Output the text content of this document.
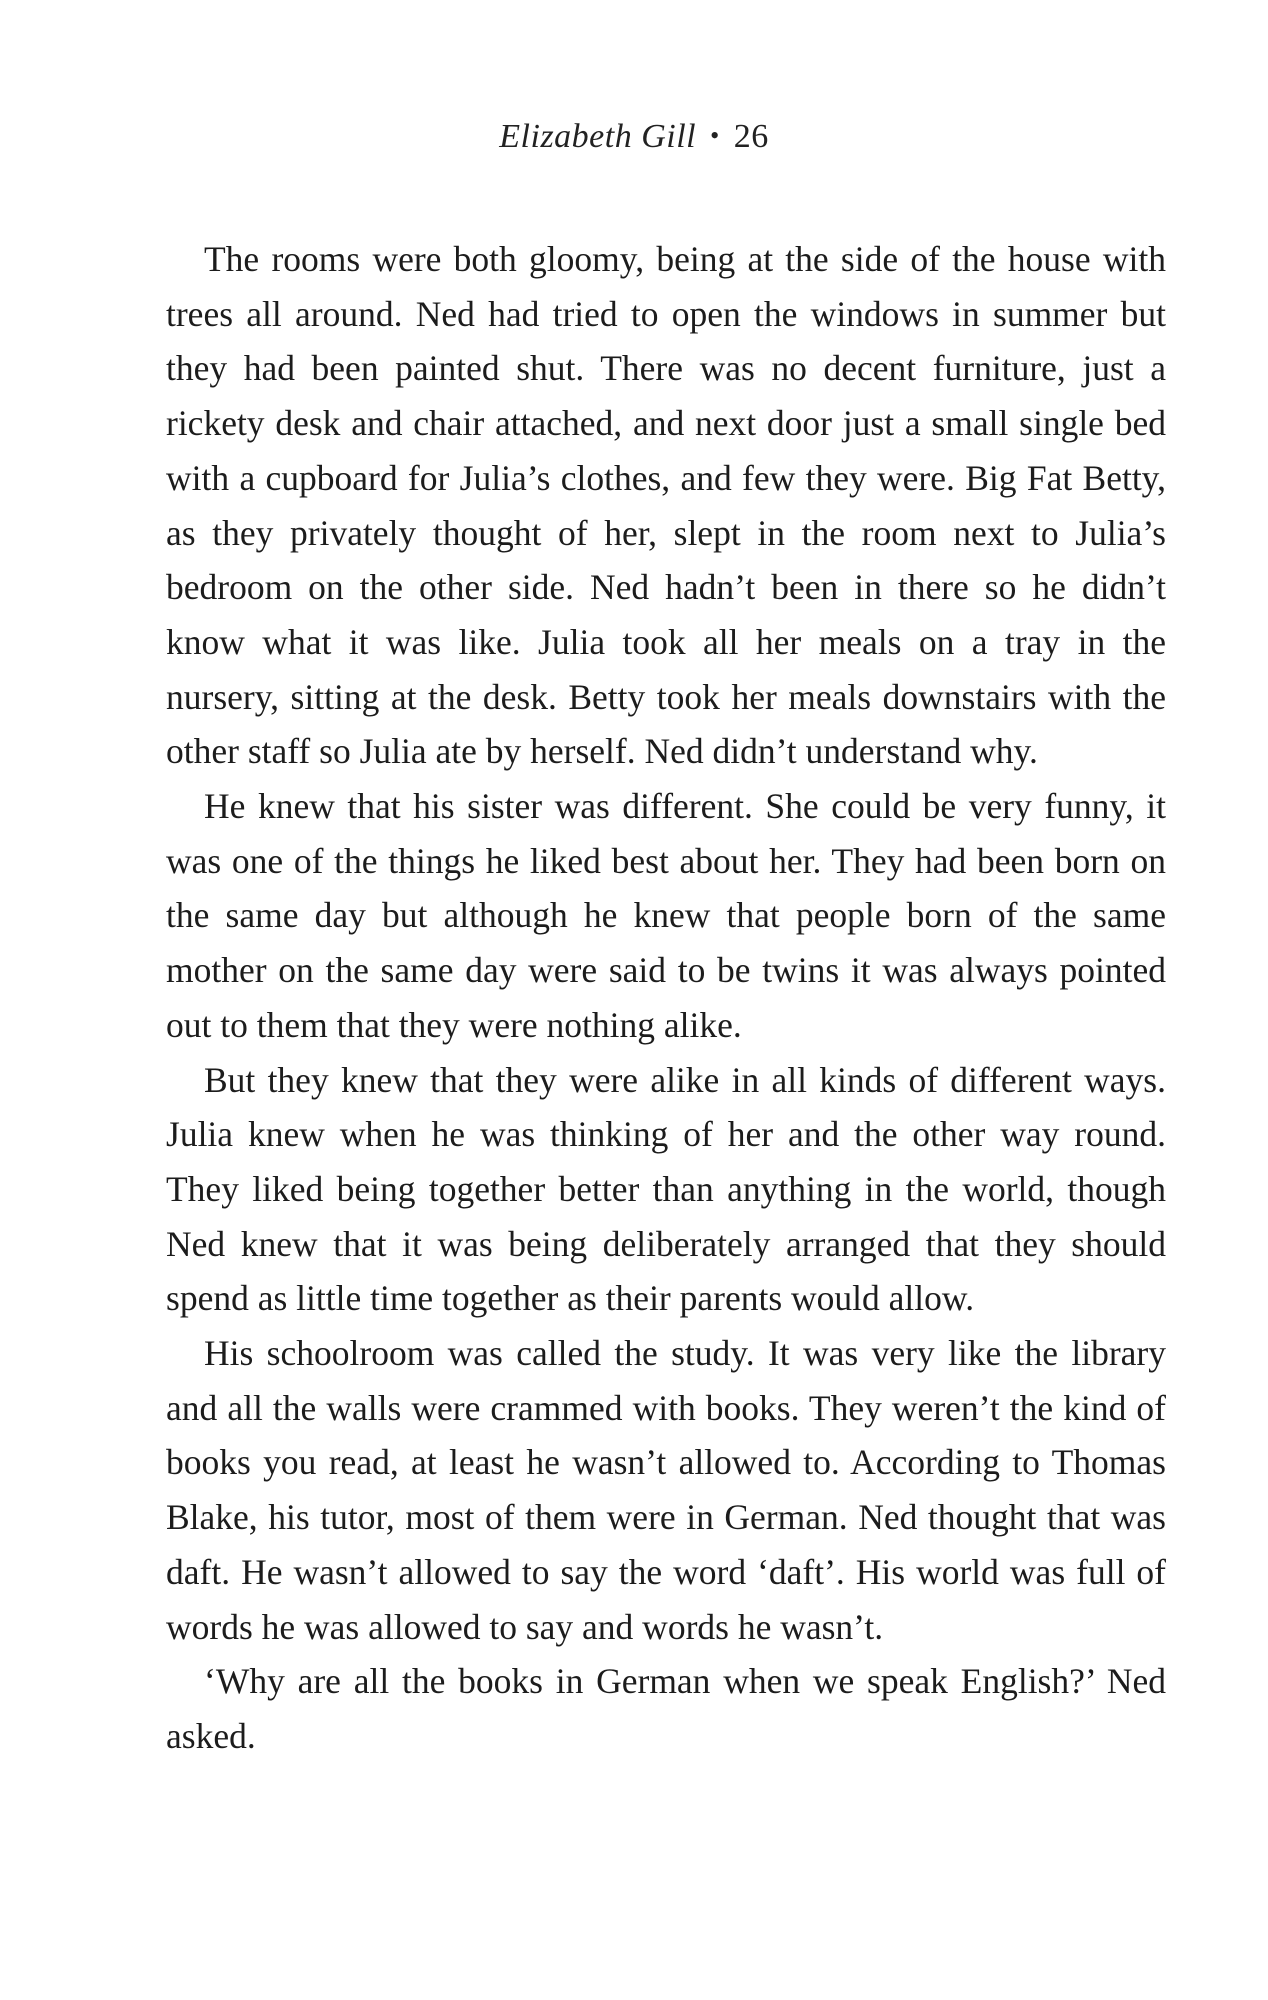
Elizabeth Gill • 26

The rooms were both gloomy, being at the side of the house with trees all around. Ned had tried to open the windows in summer but they had been painted shut. There was no decent furniture, just a rickety desk and chair attached, and next door just a small single bed with a cupboard for Julia’s clothes, and few they were. Big Fat Betty, as they privately thought of her, slept in the room next to Julia’s bedroom on the other side. Ned hadn’t been in there so he didn’t know what it was like. Julia took all her meals on a tray in the nursery, sitting at the desk. Betty took her meals downstairs with the other staff so Julia ate by herself. Ned didn’t understand why.

He knew that his sister was different. She could be very funny, it was one of the things he liked best about her. They had been born on the same day but although he knew that people born of the same mother on the same day were said to be twins it was always pointed out to them that they were nothing alike.

But they knew that they were alike in all kinds of different ways. Julia knew when he was thinking of her and the other way round. They liked being together better than anything in the world, though Ned knew that it was being deliberately arranged that they should spend as little time together as their parents would allow.

His schoolroom was called the study. It was very like the library and all the walls were crammed with books. They weren’t the kind of books you read, at least he wasn’t allowed to. According to Thomas Blake, his tutor, most of them were in German. Ned thought that was daft. He wasn’t allowed to say the word ‘daft’. His world was full of words he was allowed to say and words he wasn’t.

‘Why are all the books in German when we speak English?’ Ned asked.
